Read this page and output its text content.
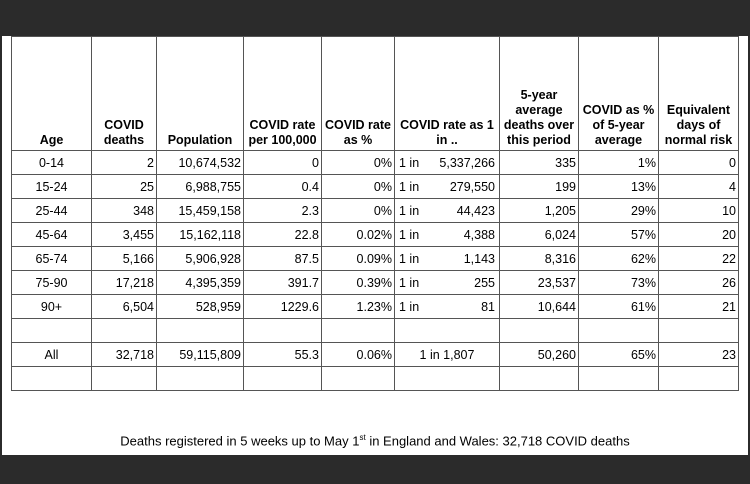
Age	COVID deaths	Population	COVID rate per 100,000	COVID rate as %	COVID rate as 1 in ..	5-year average deaths over this period	COVID as % of 5-year average	Equivalent days of normal risk
0-14	2	10,674,532	0	0%	1 in 5,337,266	335	1%	0
15-24	25	6,988,755	0.4	0%	1 in 279,550	199	13%	4
25-44	348	15,459,158	2.3	0%	1 in 44,423	1,205	29%	10
45-64	3,455	15,162,118	22.8	0.02%	1 in 4,388	6,024	57%	20
65-74	5,166	5,906,928	87.5	0.09%	1 in 1,143	8,316	62%	22
75-90	17,218	4,395,359	391.7	0.39%	1 in 255	23,537	73%	26
90+	6,504	528,959	1229.6	1.23%	1 in 81	10,644	61%	21

All	32,718	59,115,809	55.3	0.06%	1 in 1,807	50,260	65%	23

Deaths registered in 5 weeks up to May 1st in England and Wales: 32,718 COVID deaths
